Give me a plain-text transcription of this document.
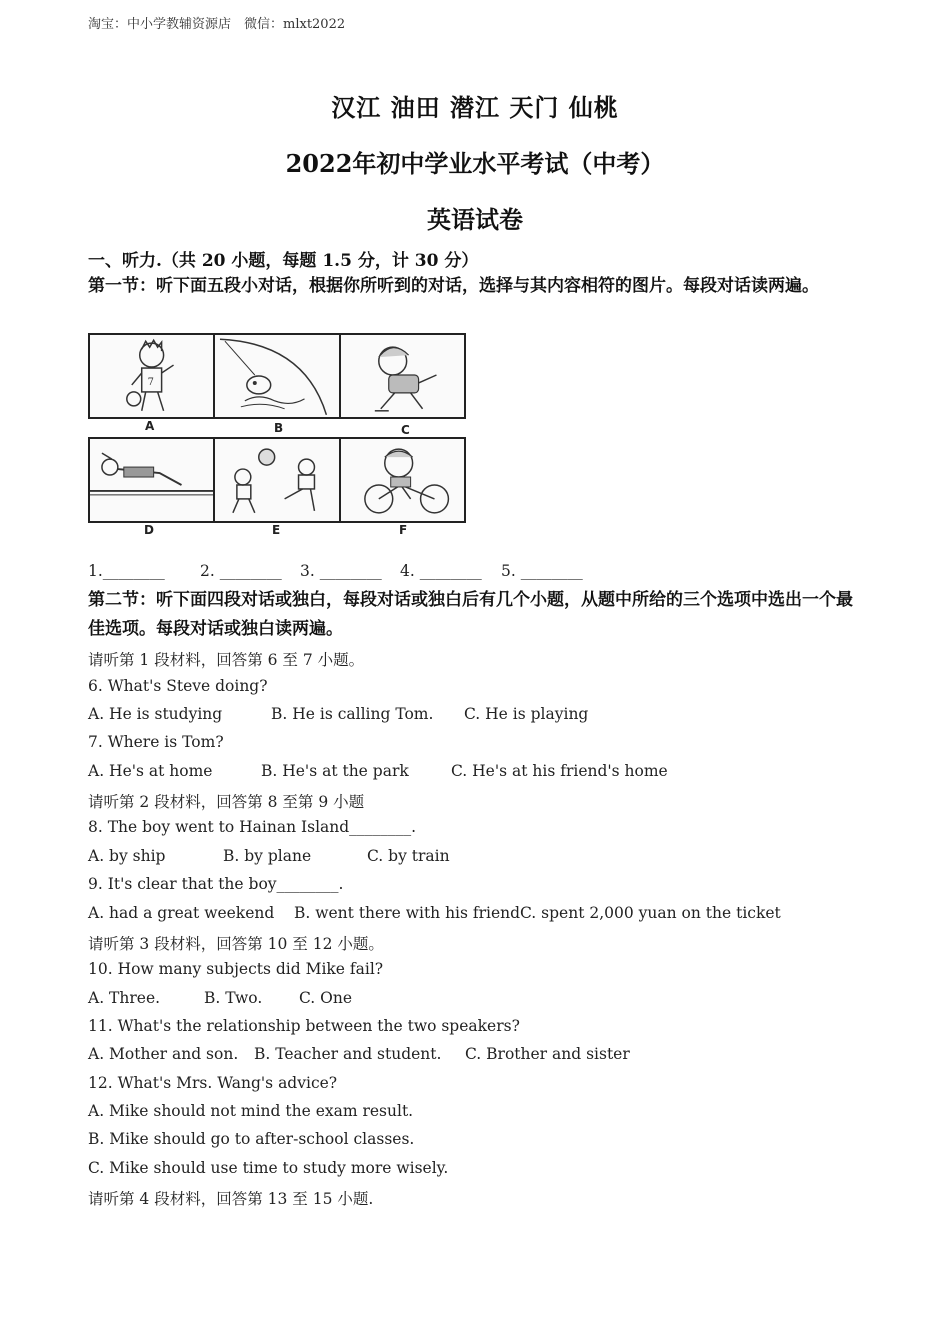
淘宝：中小学教辅资源店　微信：mlxt2022
汉江 油田 潜江 天门 仙桃
2022年初中学业水平考试（中考）
英语试卷
一、听力.（共 20 小题，每题 1.5 分，计 30 分）
第一节：听下面五段小对话，根据你所听到的对话，选择与其内容相符的图片。每段对话读两遍。
7
A	B	C
D	E	F
1.________ 2. ________ 3. ________ 4. ________ 5. ________
第二节：听下面四段对话或独白，每段对话或独白后有几个小题，从题中所给的三个选项中选出一个最佳选项。每段对话或独白读两遍。
请听第 1 段材料，回答第 6 至 7 小题。
6. What's Steve doing?
A. He is studying	B. He is calling Tom. C. He is playing
7. Where is Tom?
A. He's at home	B. He's at the park	C. He's at his friend's home
请听第 2 段材料，回答第 8 至第 9 小题
8. The boy went to Hainan Island________.
A. by ship	B. by plane	C. by train
9. It's clear that the boy________.
A. had a great weekend B. went there with his friend C. spent 2,000 yuan on the ticket
请听第 3 段材料，回答第 10 至 12 小题。
10. How many subjects did Mike fail?
A. Three.	B. Two. C. One
11. What's the relationship between the two speakers?
A. Mother and son. B. Teacher and student. C. Brother and sister
12. What's Mrs. Wang's advice?
A. Mike should not mind the exam result.
B. Mike should go to after-school classes.
C. Mike should use time to study more wisely.
请听第 4 段材料，回答第 13 至 15 小题.
